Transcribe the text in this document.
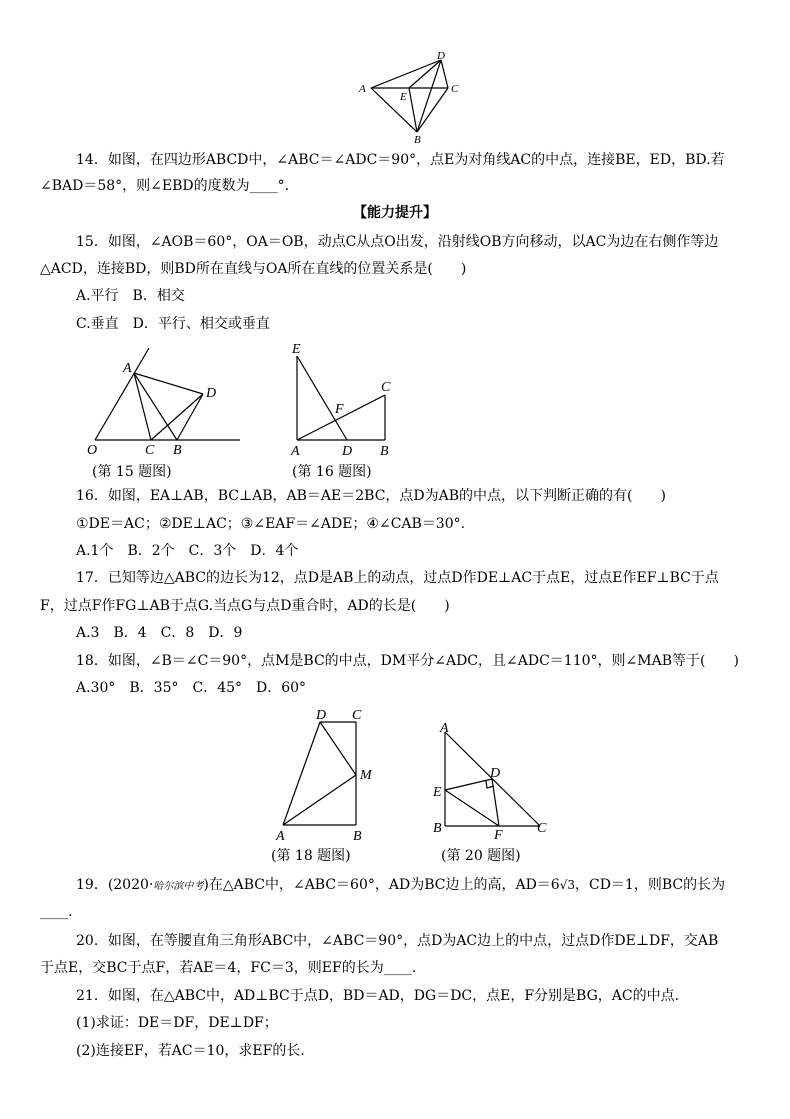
D
A
E
C
B
14．如图，在四边形ABCD中，∠ABC＝∠ADC＝90°，点E为对角线AC的中点，连接BE，ED，BD.若
∠BAD＝58°，则∠EBD的度数为____°.
【能力提升】
15．如图，∠AOB＝60°，OA＝OB，动点C从点O出发，沿射线OB方向移动，以AC为边在右侧作等边
△ACD，连接BD，则BD所在直线与OA所在直线的位置关系是(　　)
A.平行　B．相交
C.垂直　D．平行、相交或垂直
A
D
O	C B
(第 15 题图)
E
C
F
A	D B
(第 16 题图)
16．如图，EA⊥AB，BC⊥AB，AB＝AE＝2BC，点D为AB的中点，以下判断正确的有(　　)
①DE＝AC；②DE⊥AC；③∠EAF＝∠ADE；④∠CAB＝30°.
A.1个　B．2个　C．3个　D．4个
17．已知等边△ABC的边长为12，点D是AB上的动点，过点D作DE⊥AC于点E，过点E作EF⊥BC于点
F，过点F作FG⊥AB于点G.当点G与点D重合时，AD的长是(　　)
A.3　B．4　C．8　D．9
18．如图，∠B＝∠C＝90°，点M是BC的中点，DM平分∠ADC，且∠ADC＝110°，则∠MAB等于(　　)
A.30°　B．35°　C．45°　D．60°
D C
M
A	B
(第 18 题图)
A
D
E
B	F C
(第 20 题图)
19．(2020·哈尔滨中考)在△ABC中，∠ABC＝60°，AD为BC边上的高，AD＝6√3，CD＝1，则BC的长为
____.
20．如图，在等腰直角三角形ABC中，∠ABC＝90°，点D为AC边上的中点，过点D作DE⊥DF，交AB
于点E，交BC于点F，若AE＝4，FC＝3，则EF的长为____.
21．如图，在△ABC中，AD⊥BC于点D，BD＝AD，DG＝DC，点E，F分别是BG，AC的中点.
(1)求证：DE＝DF，DE⊥DF；
(2)连接EF，若AC＝10，求EF的长.
